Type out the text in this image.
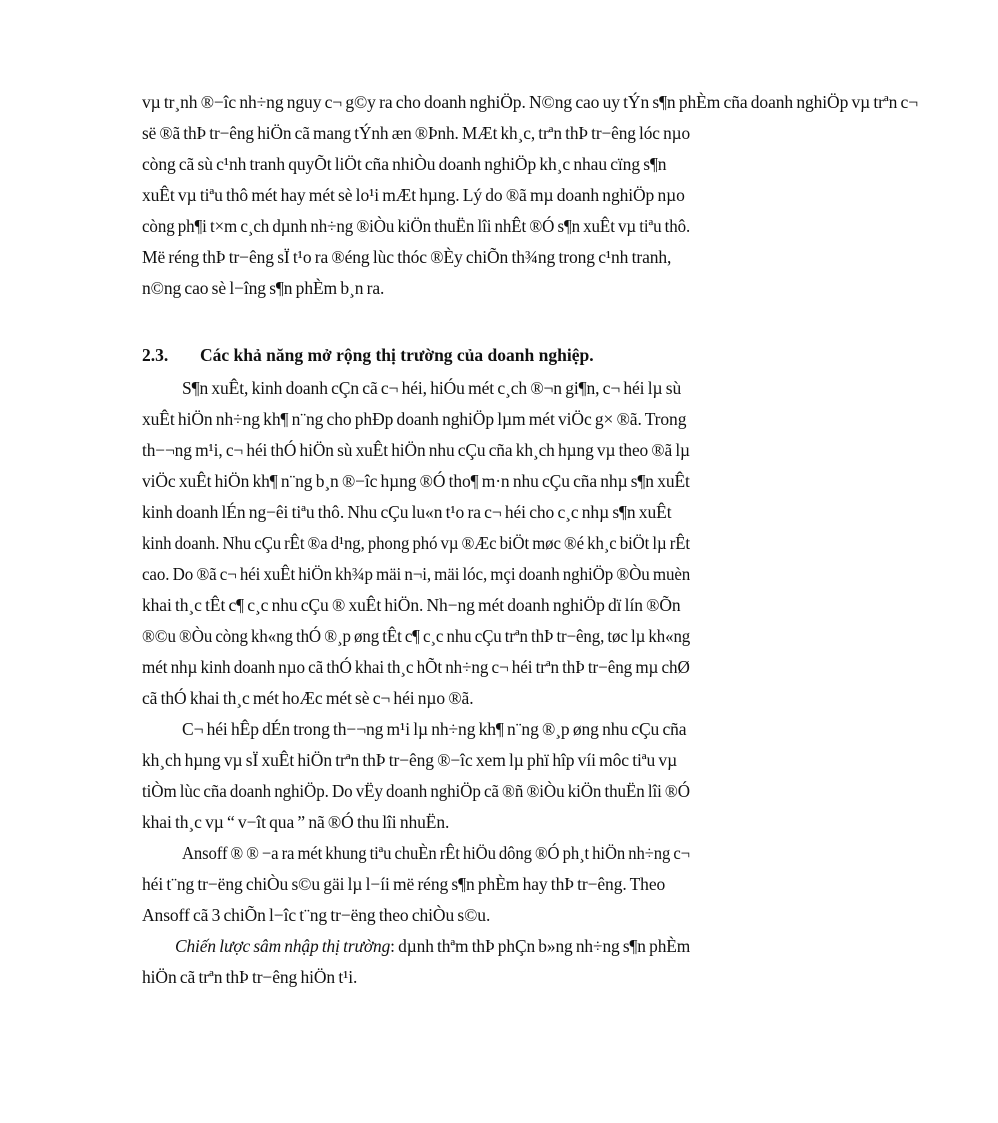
vµ tr¸nh ®−îc nh÷ng nguy c¬ g©y ra cho doanh nghiÖp. N©ng cao uy tÝn s¶n phÈm cña doanh nghiÖp vµ trªn c¬
së ®ã thÞ tr−êng hiÖn cã mang tÝnh æn ®Þnh. MÆt kh¸c, trªn thÞ tr−êng lóc nµo
còng cã sù c¹nh tranh quyÕt liÖt cña nhiÒu doanh nghiÖp kh¸c nhau cïng s¶n
xuÊt vµ tiªu thô mét hay mét sè lo¹i mÆt hµng. Lý do ®ã mµ doanh nghiÖp nµo
còng ph¶i t×m c¸ch dµnh nh÷ng ®iÒu kiÖn thuËn lîi nhÊt ®Ó s¶n xuÊt vµ tiªu thô.
Më réng thÞ tr−êng sÏ t¹o ra ®éng lùc thóc ®Èy chiÕn th¾ng trong c¹nh tranh,
n©ng cao sè l−îng s¶n phÈm b¸n ra.
2.3. Các khả năng mở rộng thị trường của doanh nghiệp.
S¶n xuÊt, kinh doanh cÇn cã c¬ héi, hiÓu mét c¸ch ®¬n gi¶n, c¬ héi lµ sù
xuÊt hiÖn nh÷ng kh¶ n¨ng cho phÐp doanh nghiÖp lµm mét viÖc g× ®ã. Trong
th−¬ng m¹i, c¬ héi thÓ hiÖn sù xuÊt hiÖn nhu cÇu cña kh¸ch hµng vµ theo ®ã lµ
viÖc xuÊt hiÖn kh¶ n¨ng b¸n ®−îc hµng ®Ó tho¶ m·n nhu cÇu cña nhµ s¶n xuÊt
kinh doanh lÉn ng−êi tiªu thô. Nhu cÇu lu«n t¹o ra c¬ héi cho c¸c nhµ s¶n xuÊt
kinh doanh. Nhu cÇu rÊt ®a d¹ng, phong phó vµ ®Æc biÖt møc ®é kh¸c biÖt lµ rÊt
cao. Do ®ã c¬ héi xuÊt hiÖn kh¾p mäi n¬i, mäi lóc, mçi doanh nghiÖp ®Òu muèn
khai th¸c tÊt c¶ c¸c nhu cÇu ® xuÊt hiÖn. Nh−ng mét doanh nghiÖp dï lín ®Õn
®©u ®Òu còng kh«ng thÓ ®¸p øng tÊt c¶ c¸c nhu cÇu trªn thÞ tr−êng, tøc lµ kh«ng
mét nhµ kinh doanh nµo cã thÓ khai th¸c hÕt nh÷ng c¬ héi trªn thÞ tr−êng mµ chØ
cã thÓ khai th¸c mét hoÆc mét sè c¬ héi nµo ®ã.
C¬ héi hÊp dÉn trong th−¬ng m¹i lµ nh÷ng kh¶ n¨ng ®¸p øng nhu cÇu cña
kh¸ch hµng vµ sÏ xuÊt hiÖn trªn thÞ tr−êng ®−îc xem lµ phï hîp víi môc tiªu vµ
tiÒm lùc cña doanh nghiÖp. Do vËy doanh nghiÖp cã ®ñ ®iÒu kiÖn thuËn lîi ®Ó
khai th¸c vµ “ v−ît qua ” nã ®Ó thu lîi nhuËn.
Ansoff ® ® −a ra mét khung tiªu chuÈn rÊt hiÖu dông ®Ó ph¸t hiÖn nh÷ng c¬
héi t¨ng tr−ëng chiÒu s©u gäi lµ l−íi më réng s¶n phÈm hay thÞ tr−êng. Theo
Ansoff cã 3 chiÕn l−îc t¨ng tr−ëng theo chiÒu s©u.
Chiến lược sâm nhập thị trường: dµnh thªm thÞ phÇn b»ng nh÷ng s¶n phÈm
hiÖn cã trªn thÞ tr−êng hiÖn t¹i.
